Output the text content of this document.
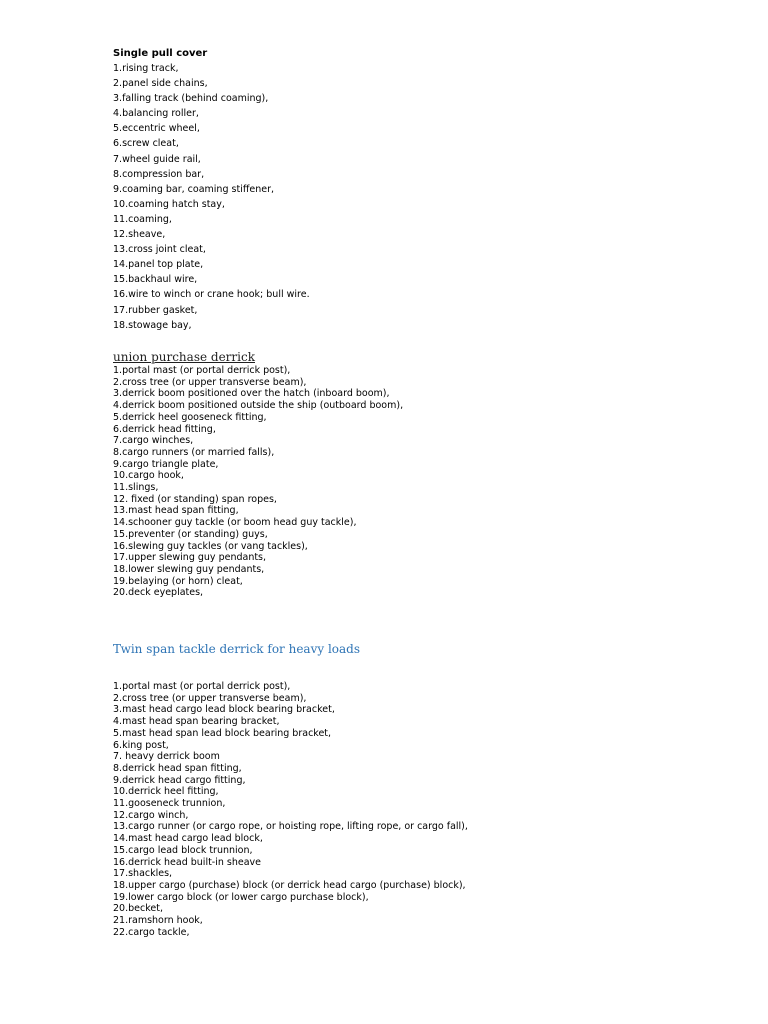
Single pull cover

1.rising track,
2.panel side chains,
3.falling track (behind coaming),
4.balancing roller,
5.eccentric wheel,
6.screw cleat,
7.wheel guide rail,
8.compression bar,
9.coaming bar, coaming stiffener,
10.coaming hatch stay,
11.coaming,
12.sheave,
13.cross joint cleat,
14.panel top plate,
15.backhaul wire,
16.wire to winch or crane hook; bull wire.
17.rubber gasket,
18.stowage bay,

union purchase derrick

1.portal mast (or portal derrick post),
2.cross tree (or upper transverse beam),
3.derrick boom positioned over the hatch (inboard boom),
4.derrick boom positioned outside the ship (outboard boom),
5.derrick heel gooseneck fitting,
6.derrick head fitting,
7.cargo winches,
8.cargo runners (or married falls),
9.cargo triangle plate,
10.cargo hook,
11.slings,
12. fixed (or standing) span ropes,
13.mast head span fitting,
14.schooner guy tackle (or boom head guy tackle),
15.preventer (or standing) guys,
16.slewing guy tackles (or vang tackles),
17.upper slewing guy pendants,
18.lower slewing guy pendants,
19.belaying (or horn) cleat,
20.deck eyeplates,

Twin span tackle derrick for heavy loads

1.portal mast (or portal derrick post),
2.cross tree (or upper transverse beam),
3.mast head cargo lead block bearing bracket,
4.mast head span bearing bracket,
5.mast head span lead block bearing bracket,
6.king post,
7. heavy derrick boom
8.derrick head span fitting,
9.derrick head cargo fitting,
10.derrick heel fitting,
11.gooseneck trunnion,
12.cargo winch,
13.cargo runner (or cargo rope, or hoisting rope, lifting rope, or cargo fall),
14.mast head cargo lead block,
15.cargo lead block trunnion,
16.derrick head built-in sheave
17.shackles,
18.upper cargo (purchase) block (or derrick head cargo (purchase) block),
19.lower cargo block (or lower cargo purchase block),
20.becket,
21.ramshorn hook,
22.cargo tackle,
